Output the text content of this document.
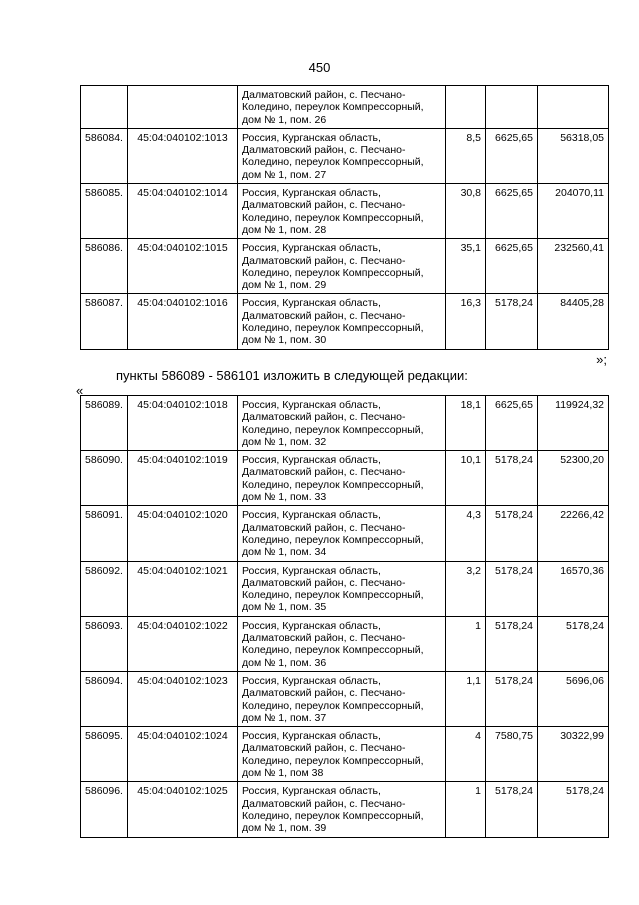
450

		Далматовский район, с. Песчано-
Колединo, переулок Компрессорный,
дом № 1, пом. 26			

586084.	45:04:040102:1013	Россия, Курганская область,
Далматовский район, с. Песчано-
Колединo, переулок Компрессорный,
дом № 1, пом. 27	8,5	6625,65	56318,05
586085.	45:04:040102:1014	Россия, Курганская область,
Далматовский район, с. Песчано-
Колединo, переулок Компрессорный,
дом № 1, пом. 28	30,8	6625,65	204070,11
586086.	45:04:040102:1015	Россия, Курганская область,
Далматовский район, с. Песчано-
Колединo, переулок Компрессорный,
дом № 1, пом. 29	35,1	6625,65	232560,41
586087.	45:04:040102:1016	Россия, Курганская область,
Далматовский район, с. Песчано-
Колединo, переулок Компрессорный,
дом № 1, пом. 30	16,3	5178,24	84405,28
»;
пункты 586089 - 586101 изложить в следующей редакции:
«
586089.	45:04:040102:1018	Россия, Курганская область,
Далматовский район, с. Песчано-
Колединo, переулок Компрессорный,
дом № 1, пом. 32	18,1	6625,65	119924,32
586090.	45:04:040102:1019	Россия, Курганская область,
Далматовский район, с. Песчано-
Колединo, переулок Компрессорный,
дом № 1, пом. 33	10,1	5178,24	52300,20
586091.	45:04:040102:1020	Россия, Курганская область,
Далматовский район, с. Песчано-
Колединo, переулок Компрессорный,
дом № 1, пом. 34	4,3	5178,24	22266,42
586092.	45:04:040102:1021	Россия, Курганская область,
Далматовский район, с. Песчано-
Колединo, переулок Компрессорный,
дом № 1, пом. 35	3,2	5178,24	16570,36
586093.	45:04:040102:1022	Россия, Курганская область,
Далматовский район, с. Песчано-
Колединo, переулок Компрессорный,
дом № 1, пом. 36	1	5178,24	5178,24
586094.	45:04:040102:1023	Россия, Курганская область,
Далматовский район, с. Песчано-
Колединo, переулок Компрессорный,
дом № 1, пом. 37	1,1	5178,24	5696,06
586095.	45:04:040102:1024	Россия, Курганская область,
Далматовский район, с. Песчано-
Колединo, переулок Компрессорный,
дом № 1, пом 38	4	7580,75	30322,99
586096.	45:04:040102:1025	Россия, Курганская область,
Далматовский район, с. Песчано-
Колединo, переулок Компрессорный,
дом № 1, пом. 39	1	5178,24	5178,24
